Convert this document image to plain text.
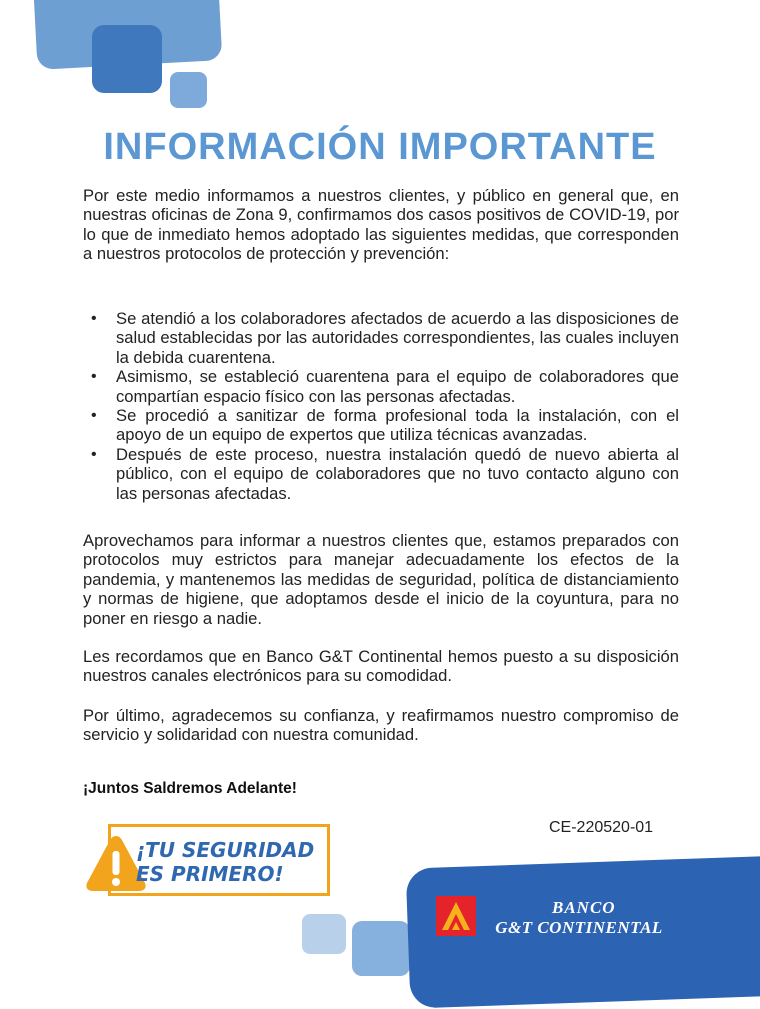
INFORMACIÓN IMPORTANTE

Por este medio informamos a nuestros clientes, y público en general que, en nuestras oficinas de Zona 9, confirmamos dos casos positivos de COVID-19, por lo que de inmediato hemos adoptado las siguientes medidas, que corresponden a nuestros protocolos de protección y prevención:

• Se atendió a los colaboradores afectados de acuerdo a las disposiciones de salud establecidas por las autoridades correspondientes, las cuales incluyen la debida cuarentena.
• Asimismo, se estableció cuarentena para el equipo de colaboradores que compartían espacio físico con las personas afectadas.
• Se procedió a sanitizar de forma profesional toda la instalación, con el apoyo de un equipo de expertos que utiliza técnicas avanzadas.
• Después de este proceso, nuestra instalación quedó de nuevo abierta al público, con el equipo de colaboradores que no tuvo contacto alguno con las personas afectadas.

Aprovechamos para informar a nuestros clientes que, estamos preparados con protocolos muy estrictos para manejar adecuadamente los efectos de la pandemia, y mantenemos las medidas de seguridad, política de distanciamiento y normas de higiene, que adoptamos desde el inicio de la coyuntura, para no poner en riesgo a nadie.

Les recordamos que en Banco G&T Continental hemos puesto a su disposición nuestros canales electrónicos para su comodidad.

Por último, agradecemos su confianza, y reafirmamos nuestro compromiso de servicio y solidaridad con nuestra comunidad.

¡Juntos Saldremos Adelante!
CE-220520-01
¡TU SEGURIDAD
ES PRIMERO!
BANCO
G&T CONTINENTAL
